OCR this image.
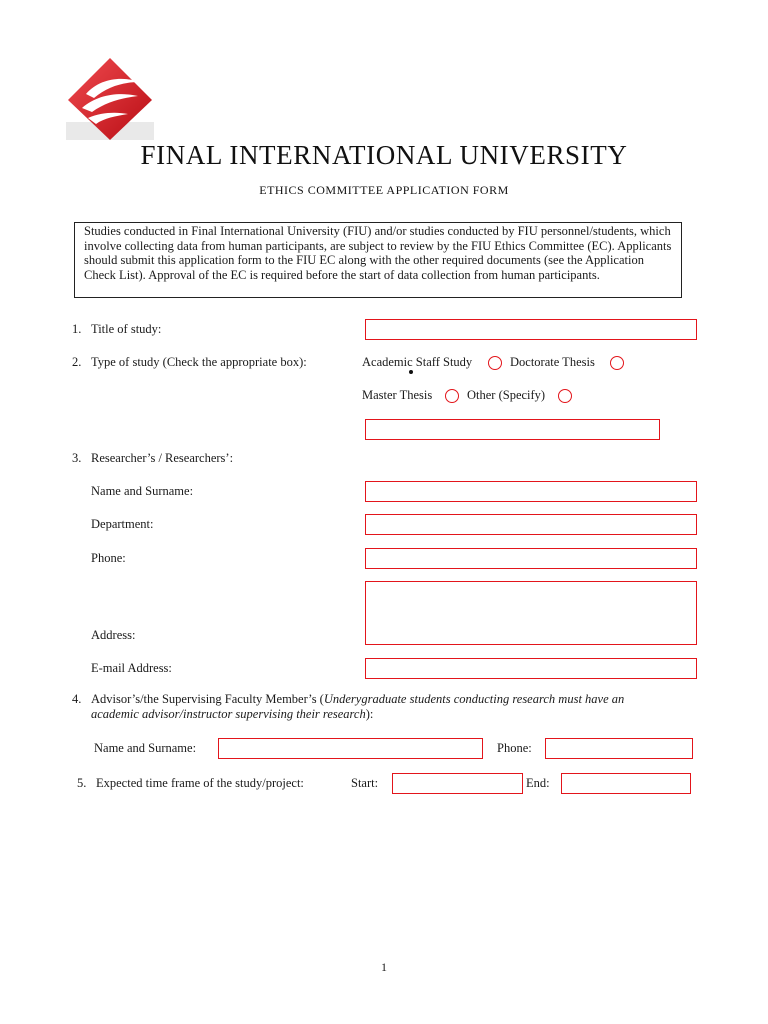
FINAL INTERNATIONAL UNIVERSITY
ETHICS COMMITTEE APPLICATION FORM
Studies conducted in Final International University (FIU) and/or studies conducted by FIU personnel/students, which involve collecting data from human participants, are subject to review by the FIU Ethics Committee (EC). Applicants should submit this application form to the FIU EC along with the other required documents (see the Application Check List). Approval of the EC is required before the start of data collection from human participants.
1. Title of study:
2. Type of study (Check the appropriate box):	Academic Staff Study	Doctorate Thesis
Master Thesis	Other (Specify)
3. Researcher’s / Researchers’:
Name and Surname:
Department:
Phone:
Address:
E-mail Address:
4. Advisor’s/the Supervising Faculty Member’s (Underygraduate students conducting research must have an
academic advisor/instructor supervising their research):
Name and Surname:	Phone:
5. Expected time frame of the study/project:	Start:	End:
1
